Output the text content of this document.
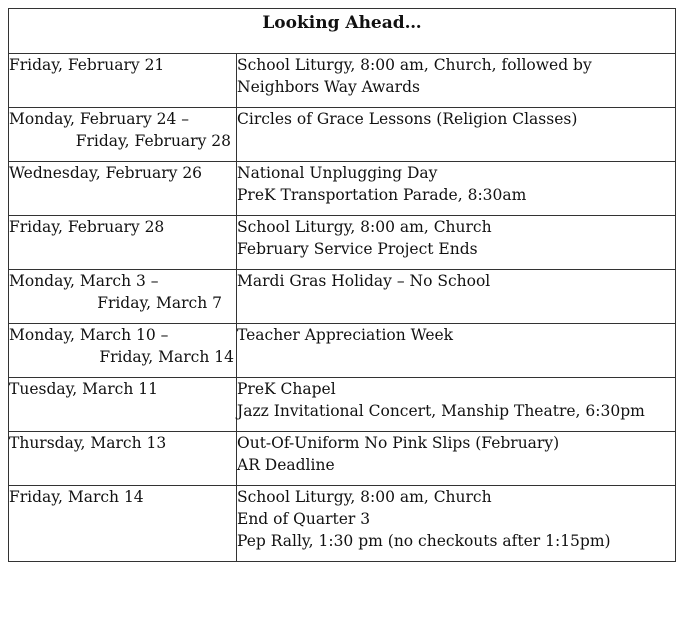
Looking Ahead…	

Friday, February 21	School Liturgy, 8:00 am, Church, followed by
Neighbors Way Awards

Monday, February 24 –
Friday, February 28	Circles of Grace Lessons (Religion Classes)

Wednesday, February 26	National Unplugging Day
PreK Transportation Parade, 8:30am

Friday, February 28	School Liturgy, 8:00 am, Church
February Service Project Ends

Monday, March 3 –
Friday, March 7	Mardi Gras Holiday – No School

Monday, March 10 –
Friday, March 14	Teacher Appreciation Week

Tuesday, March 11	PreK Chapel
Jazz Invitational Concert, Manship Theatre, 6:30pm

Thursday, March 13	Out-Of-Uniform No Pink Slips (February)
AR Deadline

Friday, March 14	School Liturgy, 8:00 am, Church
End of Quarter 3
Pep Rally, 1:30 pm (no checkouts after 1:15pm)
